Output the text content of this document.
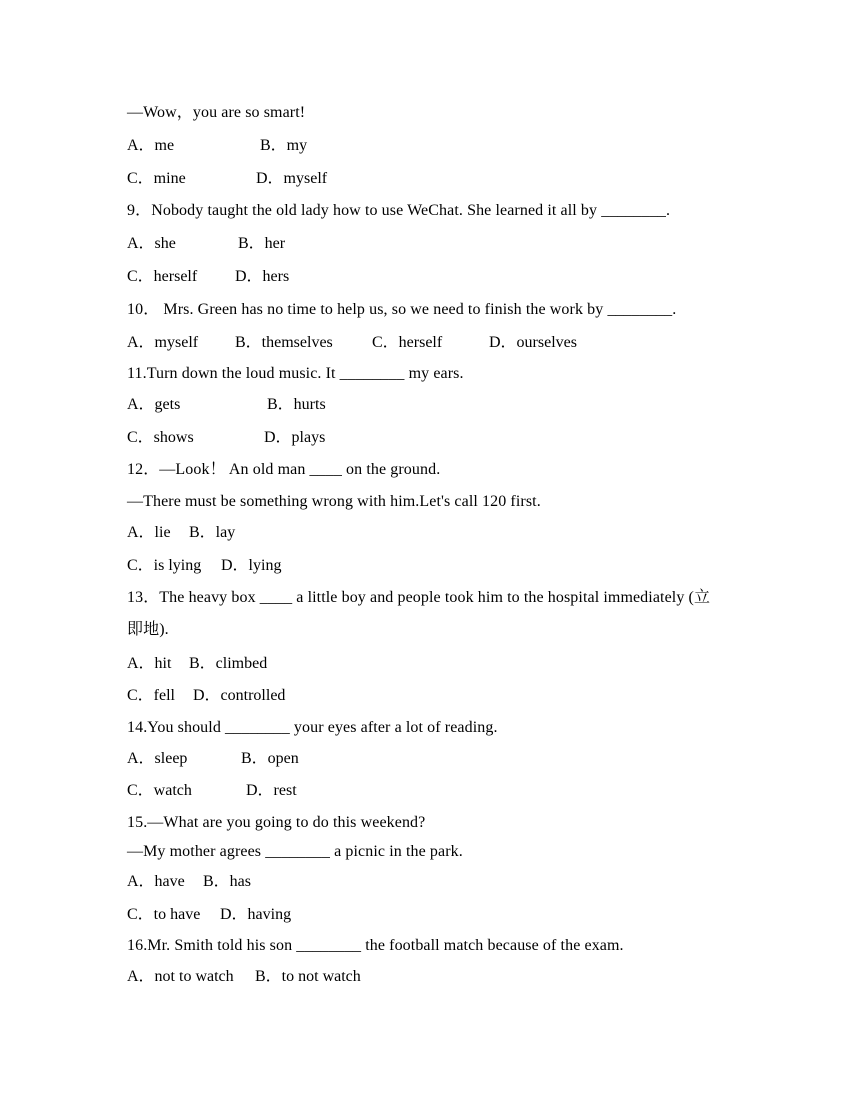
—Wow，you are so smart!
A．me	B．my
C．mine	D．myself
9．Nobody taught the old lady how to use WeChat. She learned it all by ________.
A．she	B．her
C．herself D．hers
10． Mrs. Green has no time to help us, so we need to finish the work by ________.
A．myself B．themselves C．herself	D．ourselves
11.Turn down the loud music. It ________ my ears.
A．gets	B．hurts
C．shows	D．plays
12．—Look！ An old man ____ on the ground.
—There must be something wrong with him.Let's call 120 first.
A．lie B．lay
C．is lying D．lying
13．The heavy box ____ a little boy and people took him to the hospital immediately (立
即地).
A．hit B．climbed
C．fell D．controlled
14.You should ________ your eyes after a lot of reading.
A．sleep	B．open
C．watch	D．rest
15.—What are you going to do this weekend?
—My mother agrees ________ a picnic in the park.
A．have B．has
C．to have D．having
16.Mr. Smith told his son ________ the football match because of the exam.
A．not to watch B．to not watch
